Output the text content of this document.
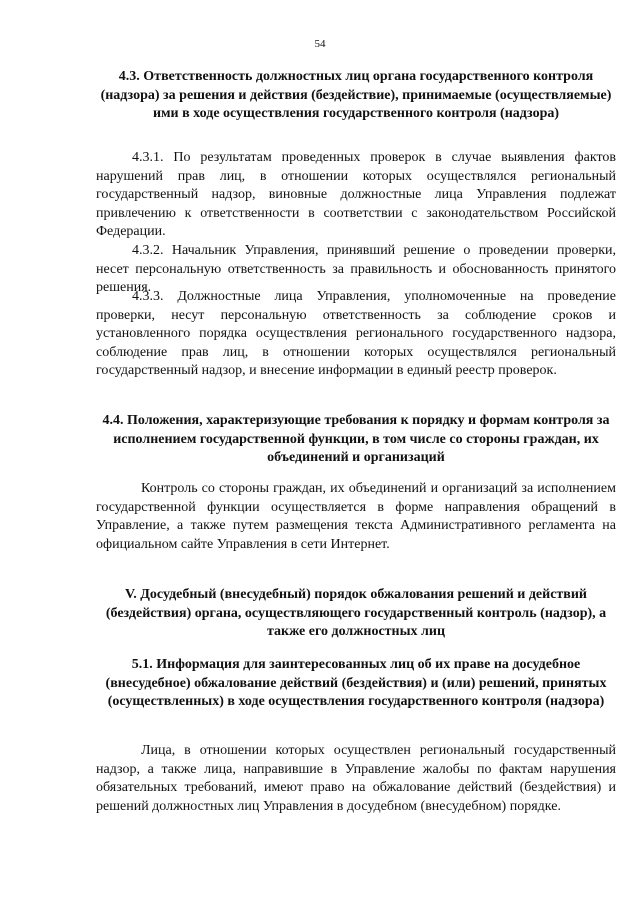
54
4.3. Ответственность должностных лиц органа государственного контроля (надзора) за решения и действия (бездействие), принимаемые (осуществляемые) ими в ходе осуществления государственного контроля (надзора)
4.3.1. По результатам проведенных проверок в случае выявления фактов нарушений прав лиц, в отношении которых осуществлялся региональный государственный надзор, виновные должностные лица Управления подлежат привлечению к ответственности в соответствии с законодательством Российской Федерации.
4.3.2. Начальник Управления, принявший решение о проведении проверки, несет персональную ответственность за правильность и обоснованность принятого решения.
4.3.3. Должностные лица Управления, уполномоченные на проведение проверки, несут персональную ответственность за соблюдение сроков и установленного порядка осуществления регионального государственного надзора, соблюдение прав лиц, в отношении которых осуществлялся региональный государственный надзор, и внесение информации в единый реестр проверок.
4.4. Положения, характеризующие требования к порядку и формам контроля за исполнением государственной функции, в том числе со стороны граждан, их объединений и организаций
Контроль со стороны граждан, их объединений и организаций за исполнением государственной функции осуществляется в форме направления обращений в Управление, а также путем размещения текста Административного регламента на официальном сайте Управления в сети Интернет.
V. Досудебный (внесудебный) порядок обжалования решений и действий (бездействия) органа, осуществляющего государственный контроль (надзор), а также его должностных лиц
5.1. Информация для заинтересованных лиц об их праве на досудебное (внесудебное) обжалование действий (бездействия) и (или) решений, принятых (осуществленных) в ходе осуществления государственного контроля (надзора)
Лица, в отношении которых осуществлен региональный государственный надзор, а также лица, направившие в Управление жалобы по фактам нарушения обязательных требований, имеют право на обжалование действий (бездействия) и решений должностных лиц Управления в досудебном (внесудебном) порядке.
